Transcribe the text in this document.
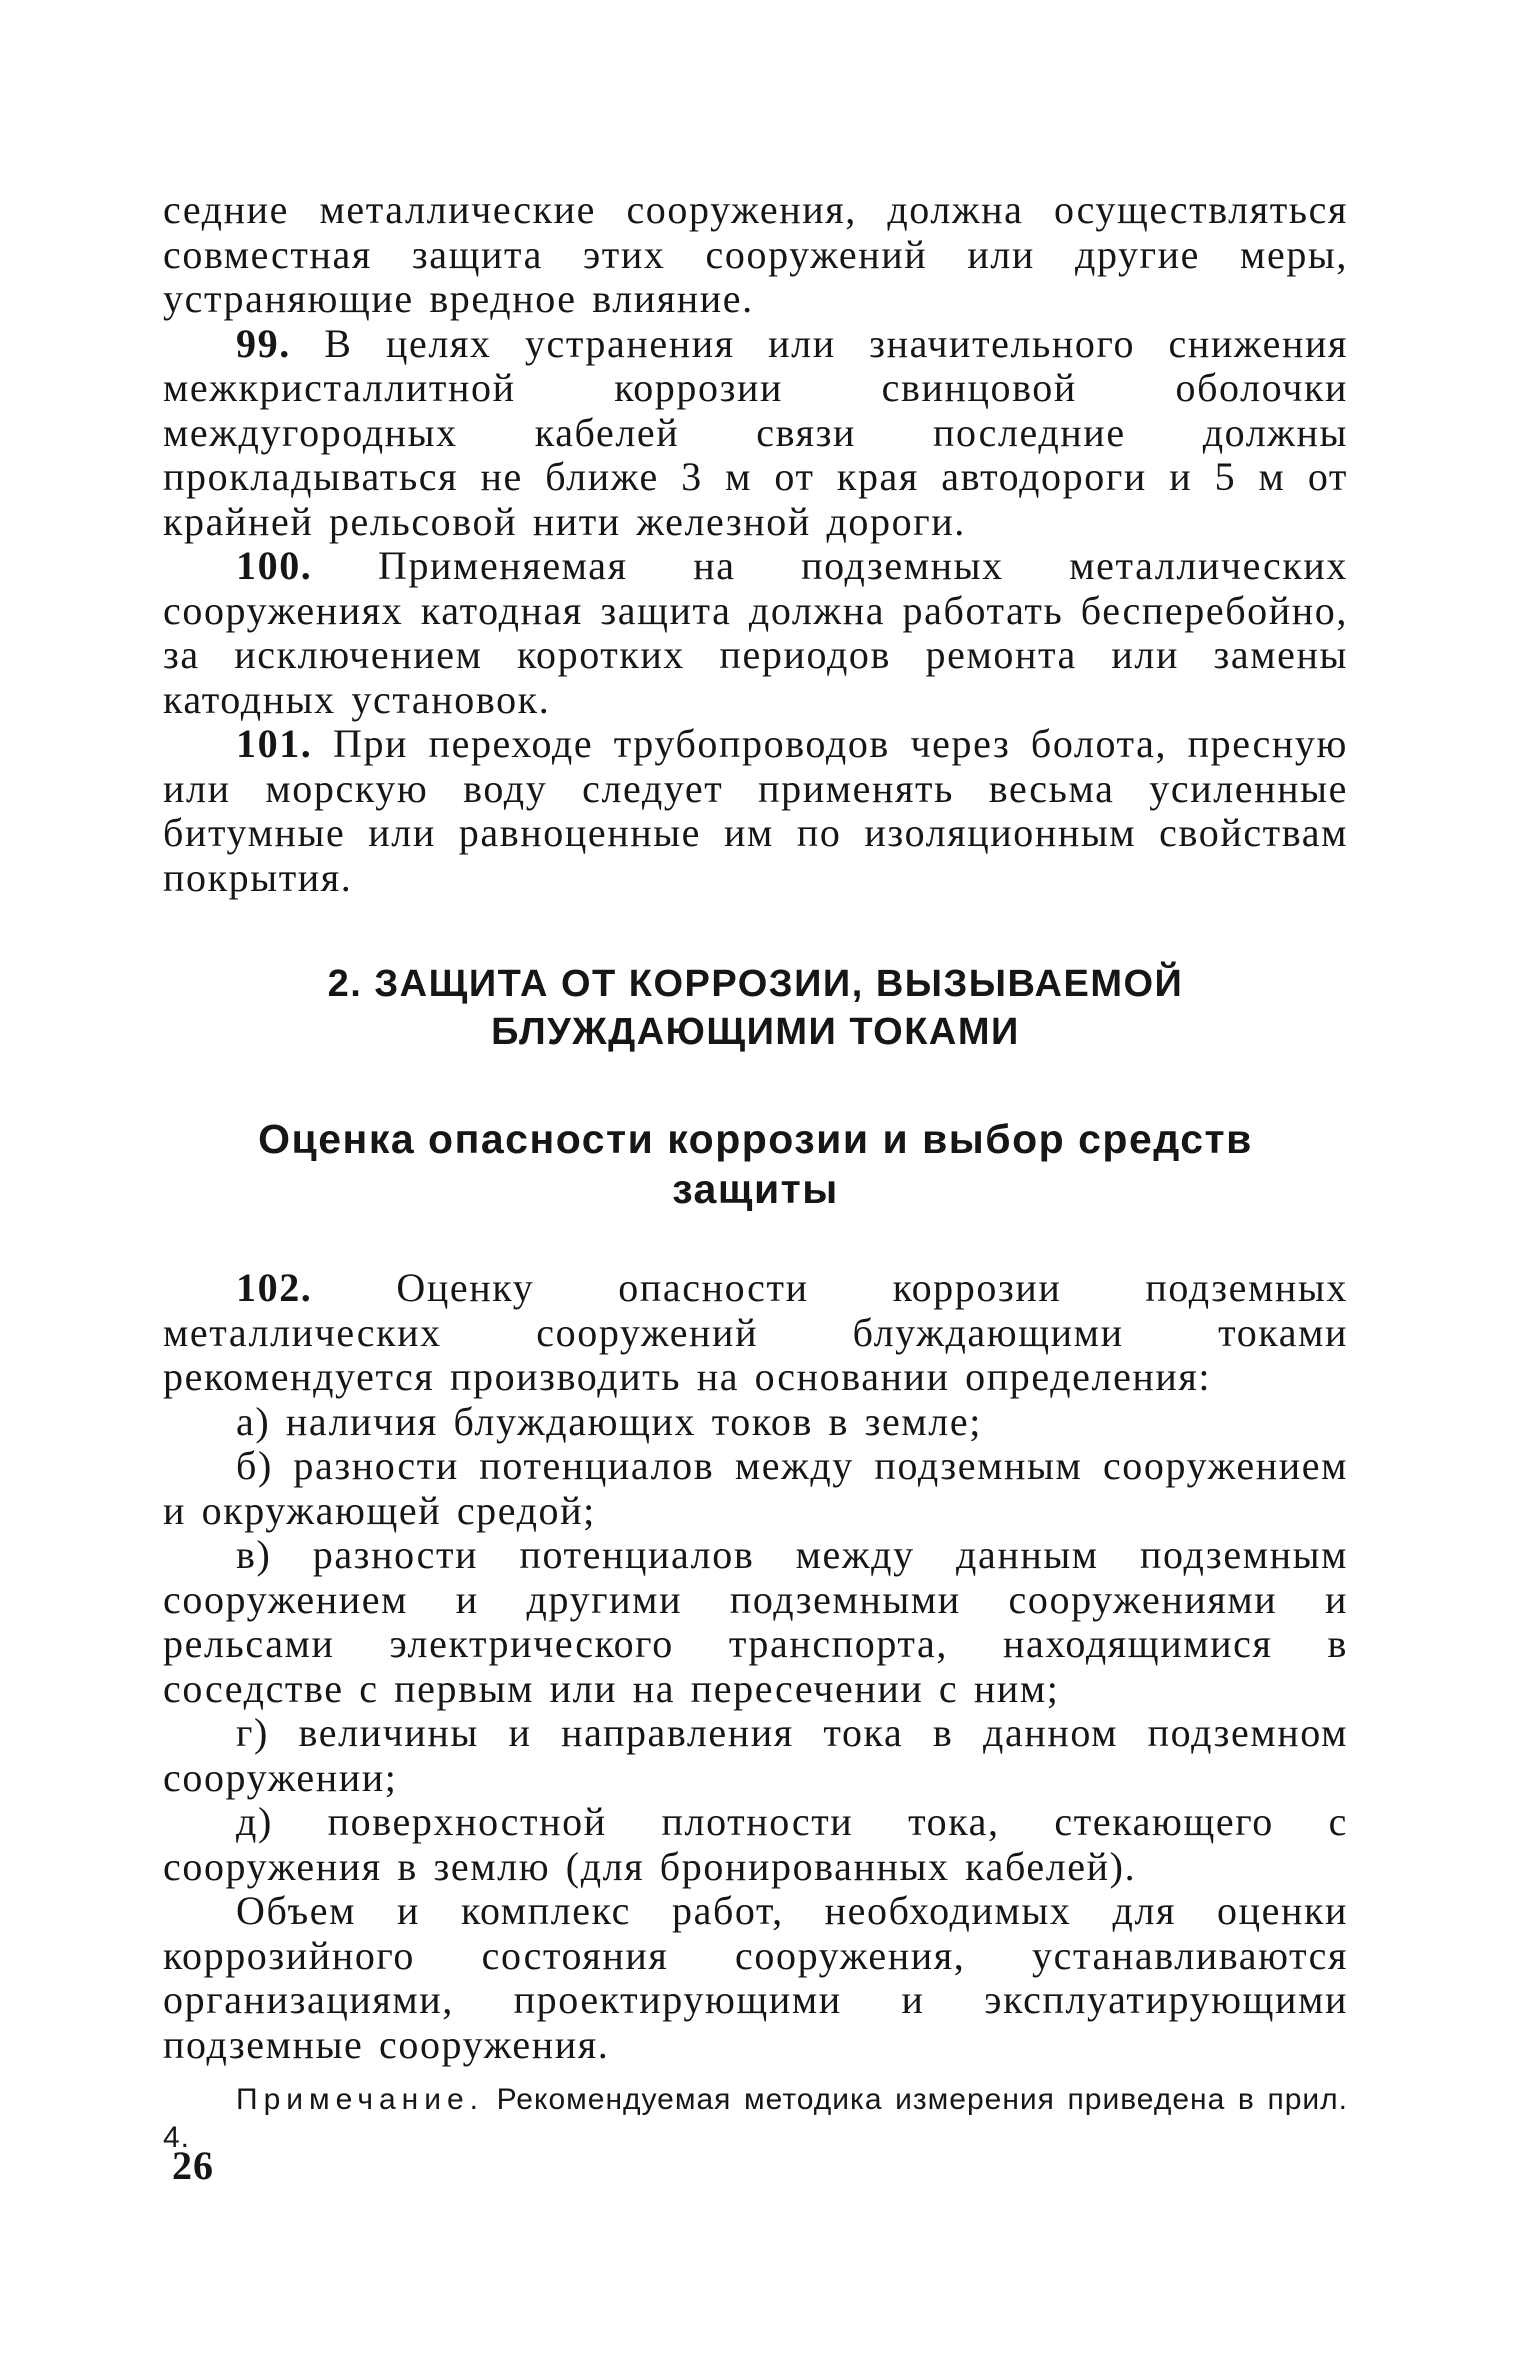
седние металлические сооружения, должна осуществляться совместная защита этих сооружений или другие меры, устраняющие вредное влияние.

99. В целях устранения или значительного снижения межкристаллитной коррозии свинцовой оболочки междугородных кабелей связи последние должны прокладываться не ближе 3 м от края автодороги и 5 м от крайней рельсовой нити железной дороги.

100. Применяемая на подземных металлических сооружениях катодная защита должна работать бесперебойно, за исключением коротких периодов ремонта или замены катодных установок.

101. При переходе трубопроводов через болота, пресную или морскую воду следует применять весьма усиленные битумные или равноценные им по изоляционным свойствам покрытия.

2. ЗАЩИТА ОТ КОРРОЗИИ, ВЫЗЫВАЕМОЙ БЛУЖДАЮЩИМИ ТОКАМИ
Оценка опасности коррозии и выбор средств защиты

102. Оценку опасности коррозии подземных металлических сооружений блуждающими токами рекомендуется производить на основании определения:

а) наличия блуждающих токов в земле;

б) разности потенциалов между подземным сооружением и окружающей средой;

в) разности потенциалов между данным подземным сооружением и другими подземными сооружениями и рельсами электрического транспорта, находящимися в соседстве с первым или на пересечении с ним;

г) величины и направления тока в данном подземном сооружении;

д) поверхностной плотности тока, стекающего с сооружения в землю (для бронированных кабелей).

Объем и комплекс работ, необходимых для оценки коррозийного состояния сооружения, устанавливаются организациями, проектирующими и эксплуатирующими подземные сооружения.

Примечание. Рекомендуемая методика измерения приведена в прил. 4.

26
